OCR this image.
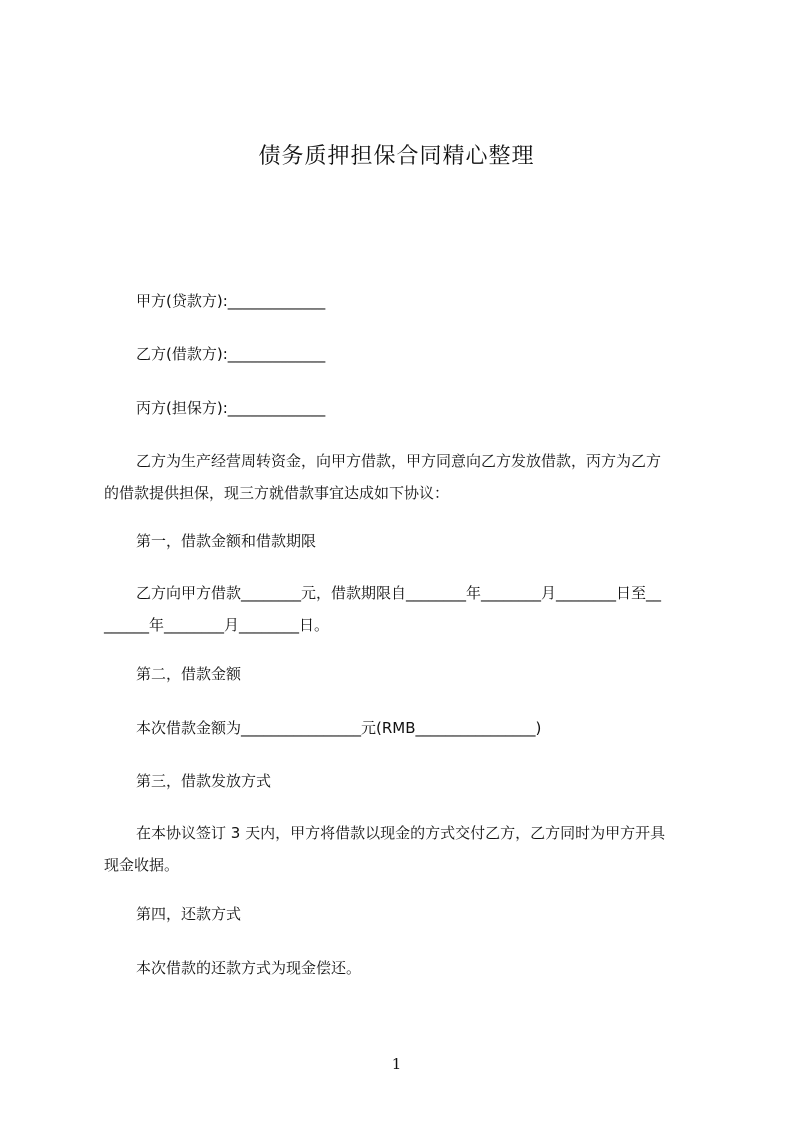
债务质押担保合同精心整理
甲方(贷款方):_____________
乙方(借款方):_____________
丙方(担保方):_____________
乙方为生产经营周转资金，向甲方借款，甲方同意向乙方发放借款，丙方为乙方
的借款提供担保，现三方就借款事宜达成如下协议：
第一，借款金额和借款期限
乙方向甲方借款________元，借款期限自________年________月________日至__
______年________月________日。
第二，借款金额
本次借款金额为________________元(RMB________________)
第三，借款发放方式
在本协议签订 3 天内，甲方将借款以现金的方式交付乙方，乙方同时为甲方开具
现金收据。
第四，还款方式
本次借款的还款方式为现金偿还。
1
